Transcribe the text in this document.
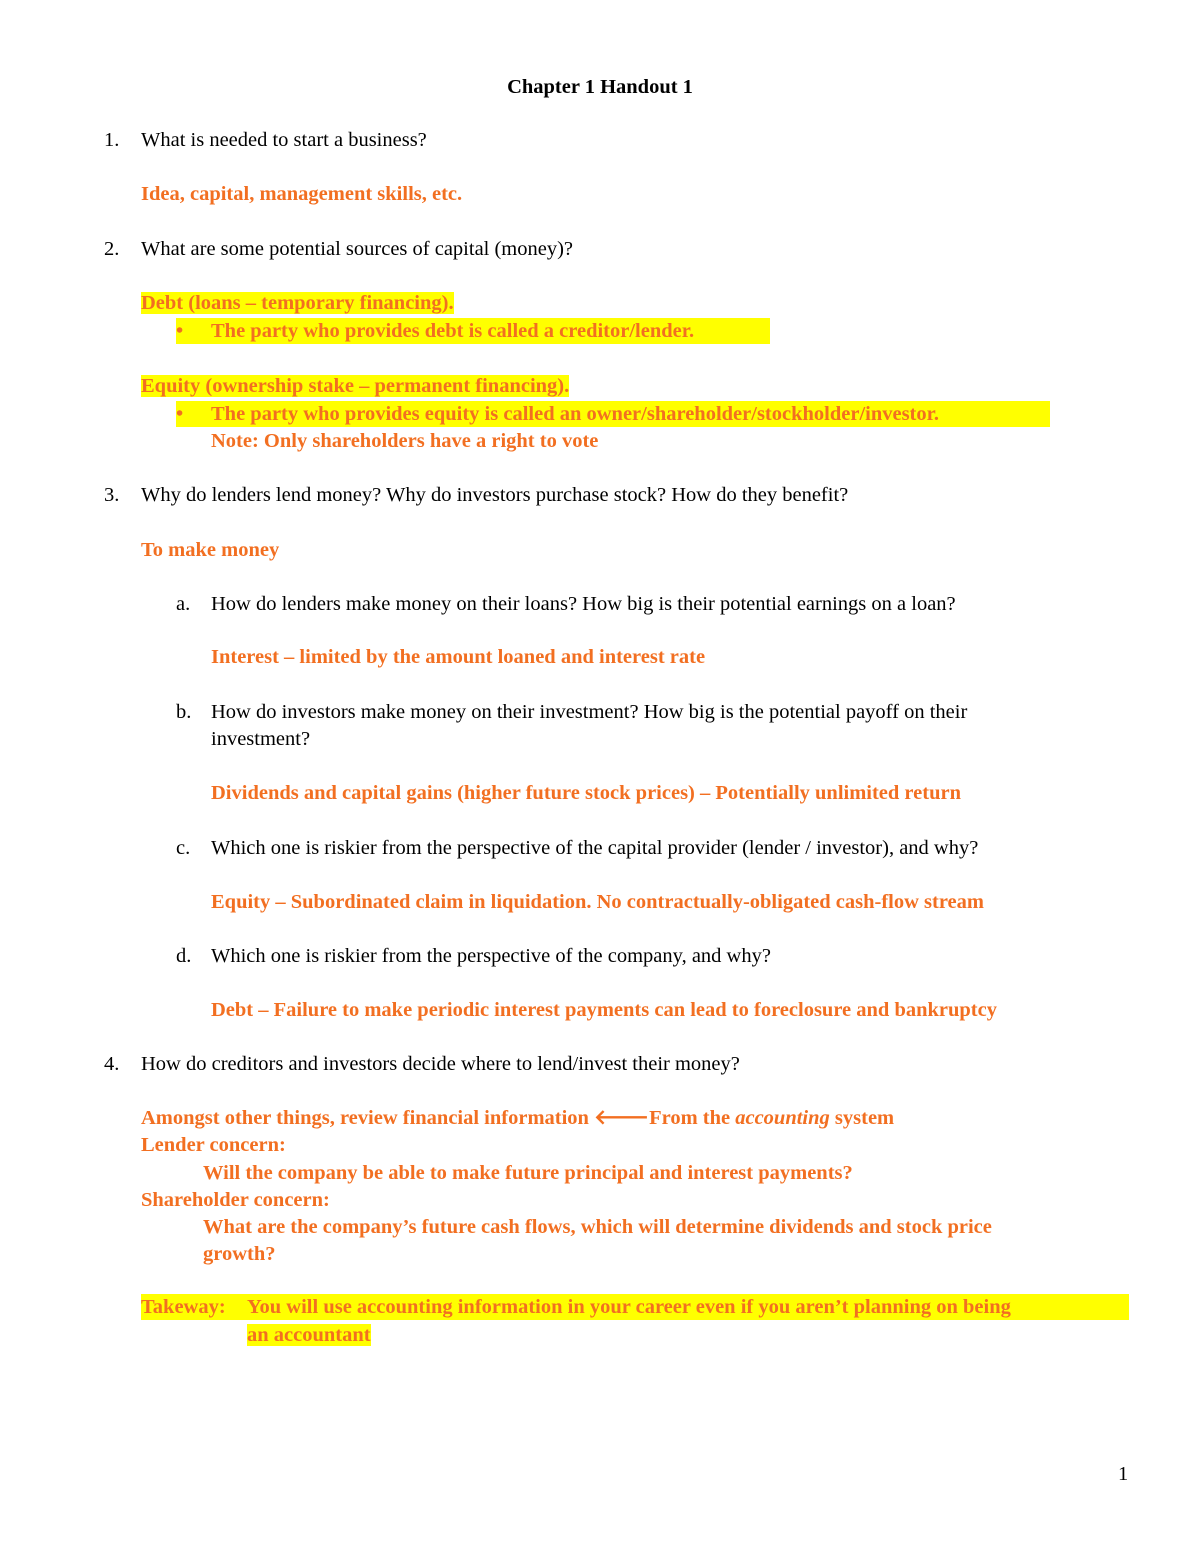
Chapter 1 Handout 1
1. What is needed to start a business?
Idea, capital, management skills, etc.
2. What are some potential sources of capital (money)?
Debt (loans – temporary financing).
• The party who provides debt is called a creditor/lender.
Equity (ownership stake – permanent financing).
• The party who provides equity is called an owner/shareholder/stockholder/investor.
Note: Only shareholders have a right to vote
3. Why do lenders lend money? Why do investors purchase stock? How do they benefit?
To make money
a. How do lenders make money on their loans? How big is their potential earnings on a loan?
Interest – limited by the amount loaned and interest rate
b. How do investors make money on their investment? How big is the potential payoff on their
investment?
Dividends and capital gains (higher future stock prices) – Potentially unlimited return
c. Which one is riskier from the perspective of the capital provider (lender / investor), and why?
Equity – Subordinated claim in liquidation. No contractually-obligated cash-flow stream
d. Which one is riskier from the perspective of the company, and why?
Debt – Failure to make periodic interest payments can lead to foreclosure and bankruptcy
4. How do creditors and investors decide where to lend/invest their money?
Amongst other things, review financial information 🡐From the accounting system
Lender concern:
Will the company be able to make future principal and interest payments?
Shareholder concern:
What are the company’s future cash flows, which will determine dividends and stock price
growth?
Takeway: You will use accounting information in your career even if you aren’t planning on being
an accountant
1
